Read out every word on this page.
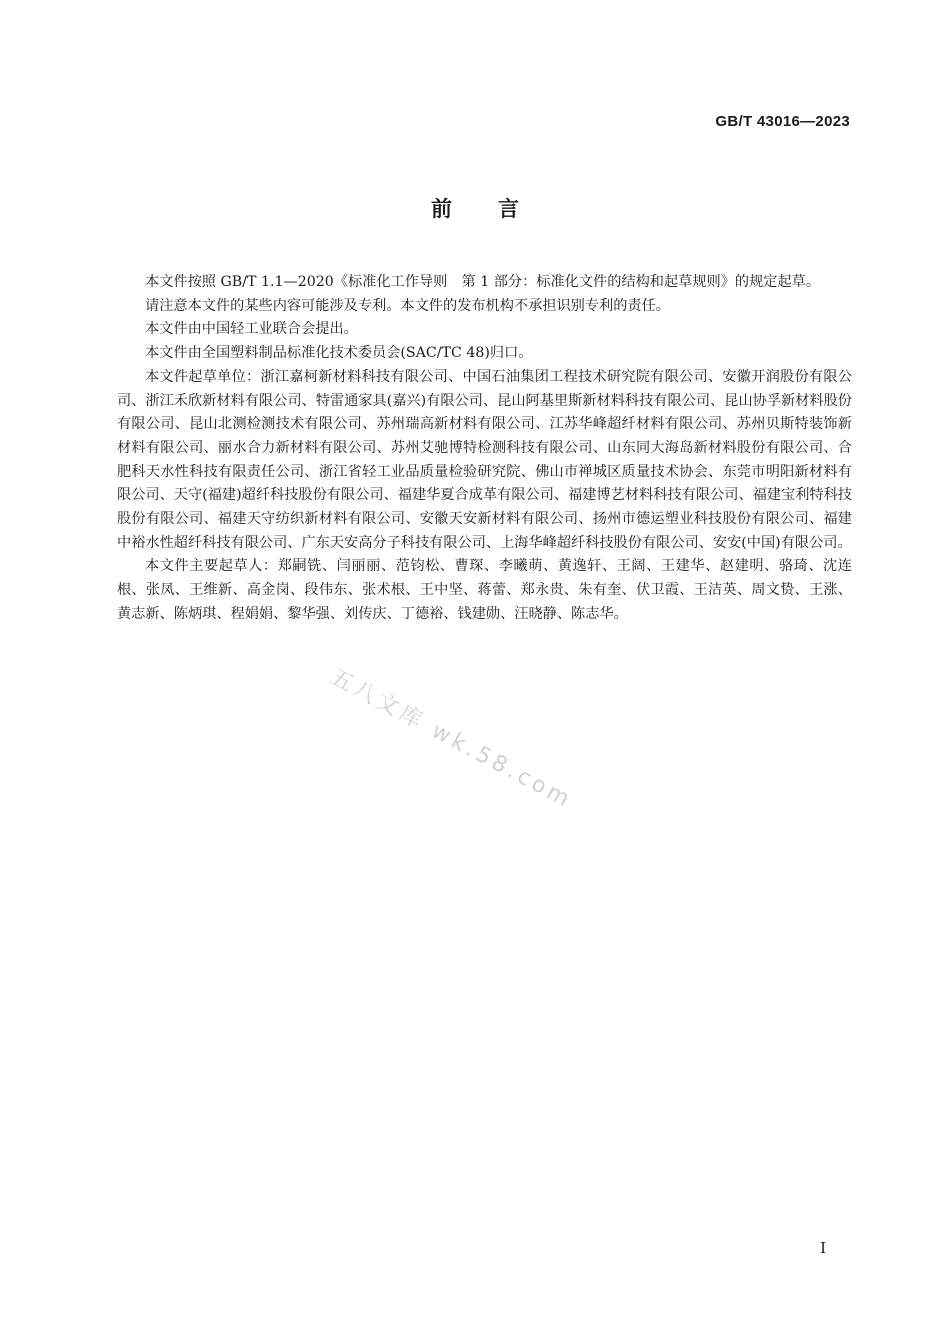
GB/T 43016—2023
前言

本文件按照 GB/T 1.1—2020《标准化工作导则　第 1 部分：标准化文件的结构和起草规则》的规定起草。

请注意本文件的某些内容可能涉及专利。本文件的发布机构不承担识别专利的责任。

本文件由中国轻工业联合会提出。

本文件由全国塑料制品标准化技术委员会(SAC/TC 48)归口。

本文件起草单位：浙江嘉柯新材料科技有限公司、中国石油集团工程技术研究院有限公司、安徽开润股份有限公司、浙江禾欣新材料有限公司、特雷通家具(嘉兴)有限公司、昆山阿基里斯新材料科技有限公司、昆山协孚新材料股份有限公司、昆山北测检测技术有限公司、苏州瑞高新材料有限公司、江苏华峰超纤材料有限公司、苏州贝斯特装饰新材料有限公司、丽水合力新材料有限公司、苏州艾驰博特检测科技有限公司、山东同大海岛新材料股份有限公司、合肥科天水性科技有限责任公司、浙江省轻工业品质量检验研究院、佛山市禅城区质量技术协会、东莞市明阳新材料有限公司、天守(福建)超纤科技股份有限公司、福建华夏合成革有限公司、福建博艺材料科技有限公司、福建宝利特科技股份有限公司、福建天守纺织新材料有限公司、安徽天安新材料有限公司、扬州市德运塑业科技股份有限公司、福建中裕水性超纤科技有限公司、广东天安高分子科技有限公司、上海华峰超纤科技股份有限公司、安安(中国)有限公司。

本文件主要起草人：郑嗣铣、闫丽丽、范钧松、曹琛、李曦萌、黄逸轩、王阔、王建华、赵建明、骆琦、沈连根、张凤、王维新、高金岗、段伟东、张术根、王中坚、蒋蕾、郑永贵、朱有奎、伏卫霞、王洁英、周文贽、王涨、黄志新、陈炳琪、程娟娟、黎华强、刘传庆、丁德裕、钱建勋、汪晓静、陈志华。

五八文库 wk.58.com
I
